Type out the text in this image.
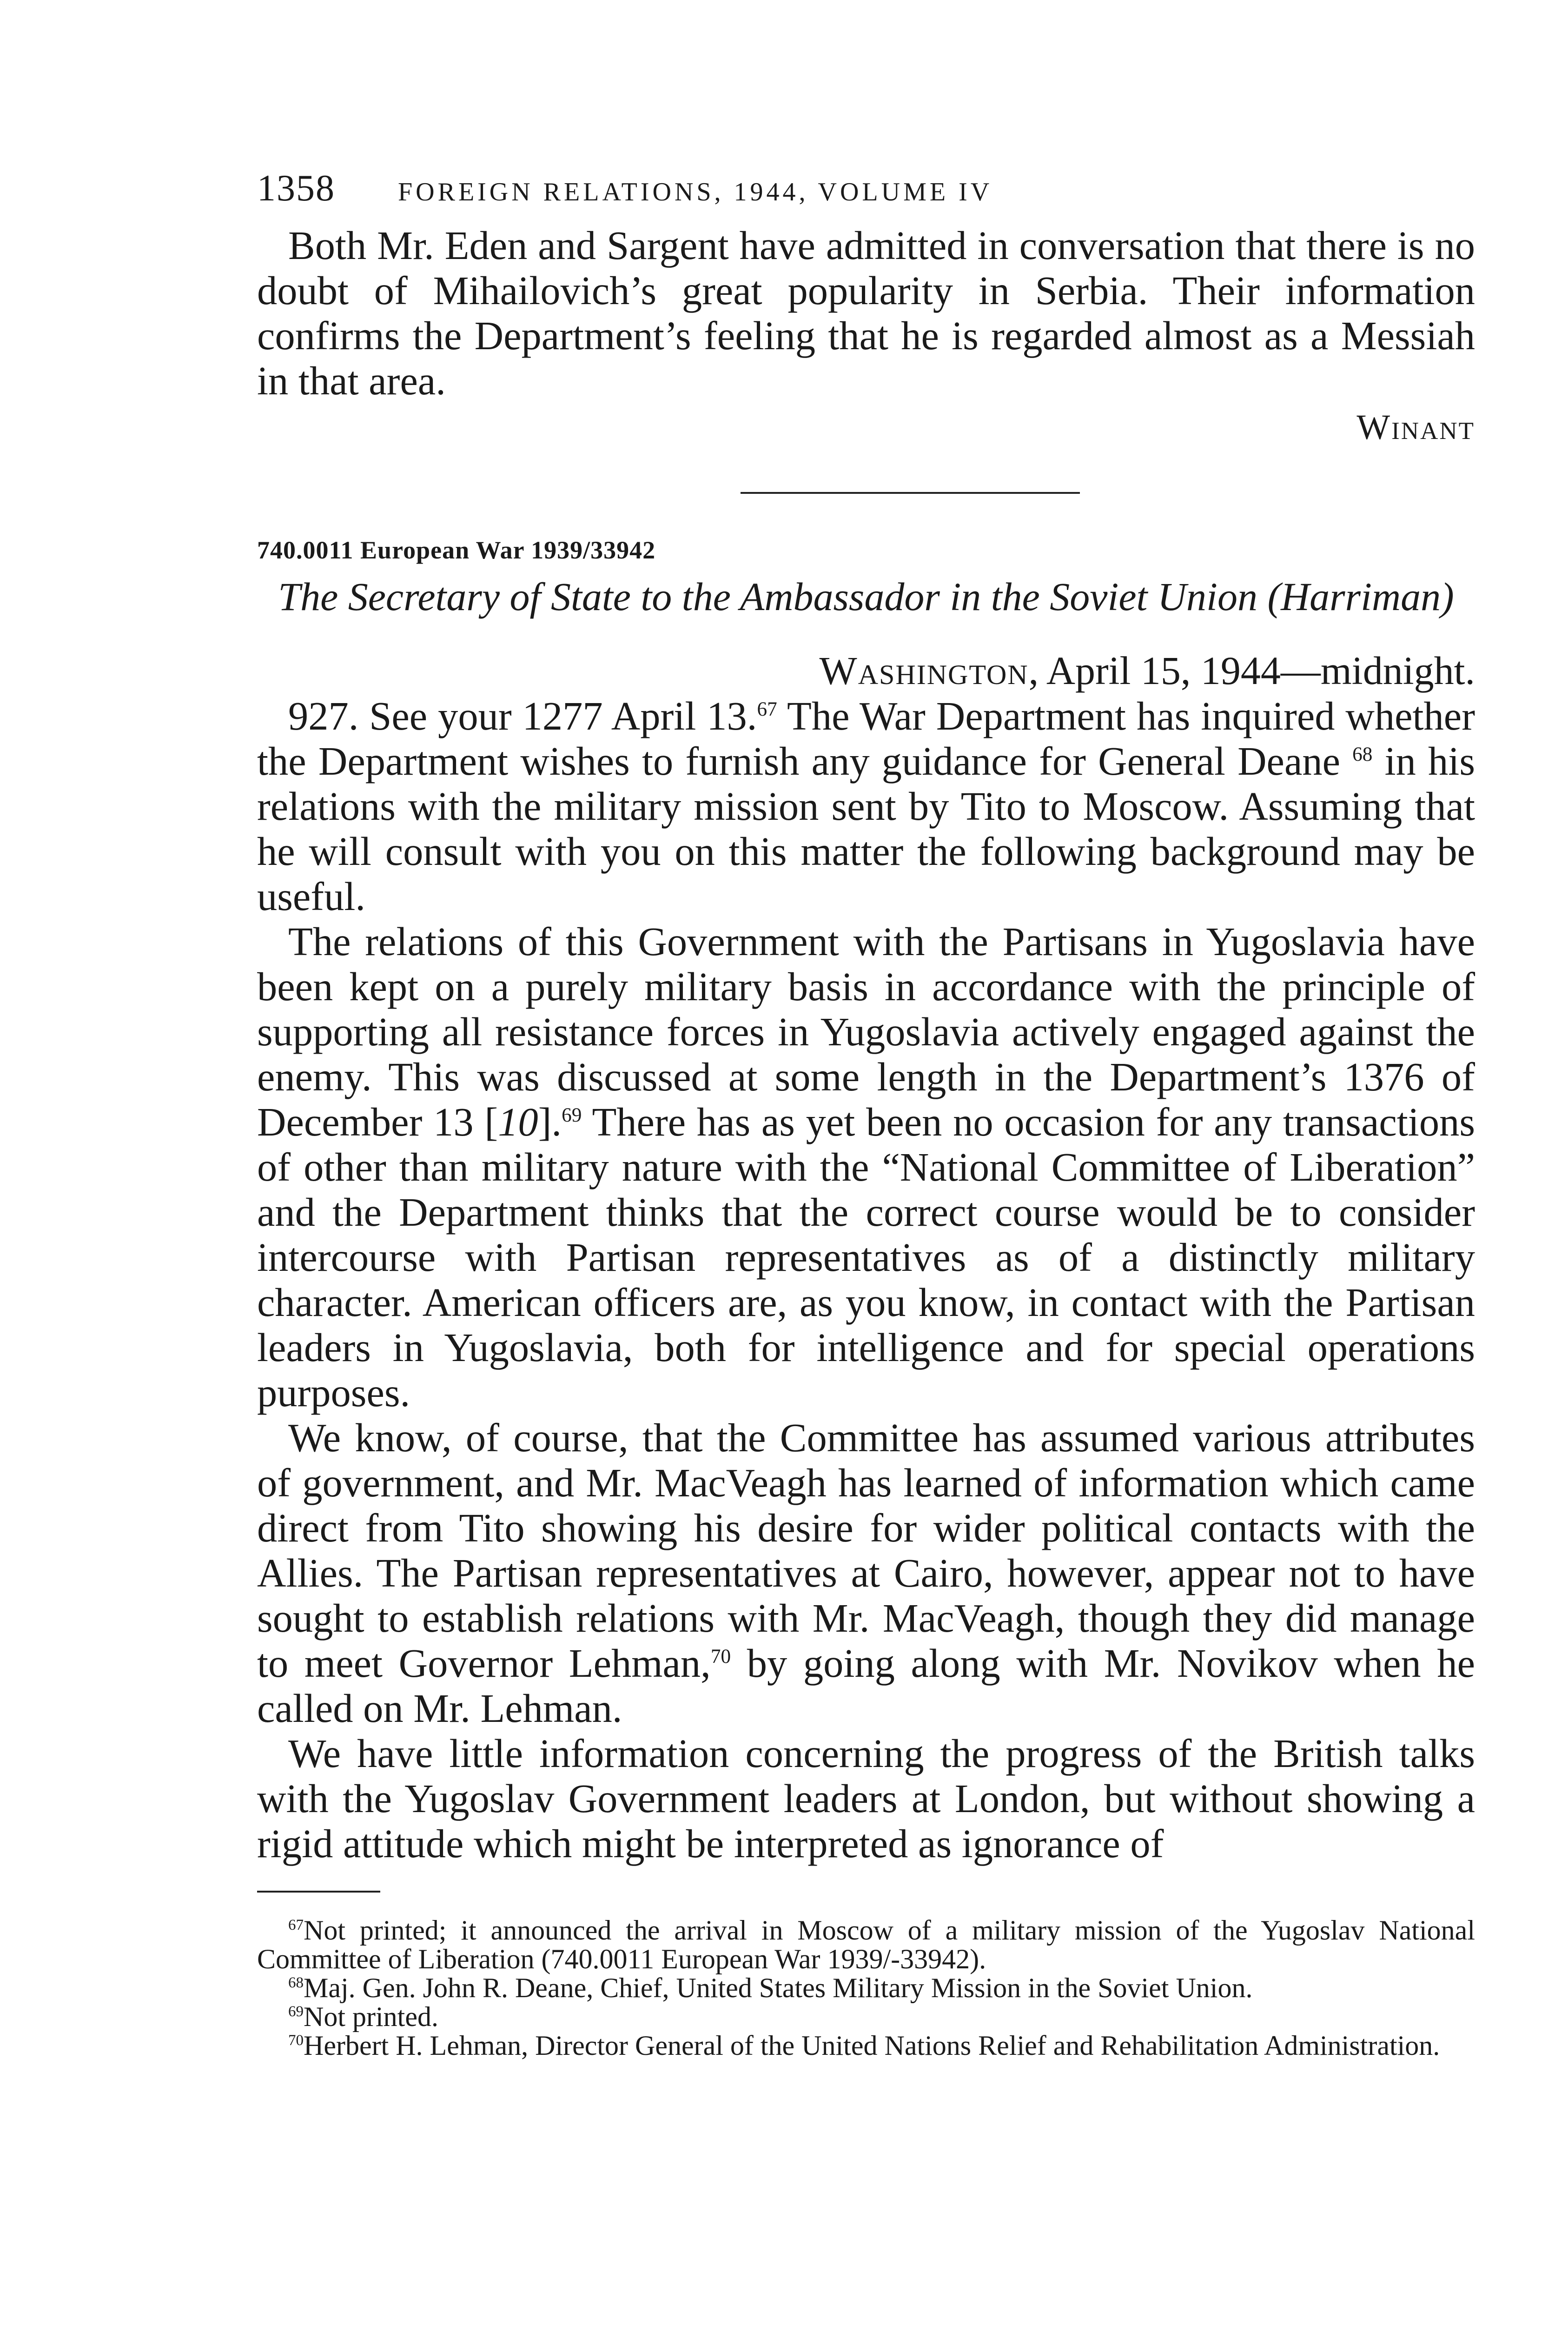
1358 FOREIGN RELATIONS, 1944, VOLUME IV

Both Mr. Eden and Sargent have admitted in conversation that there is no doubt of Mihailovich’s great popularity in Serbia. Their information confirms the Department’s feeling that he is regarded almost as a Messiah in that area.

Winant
740.0011 European War 1939/33942
The Secretary of State to the Ambassador in the Soviet Union (Harriman)
Washington, April 15, 1944—midnight.

927. See your 1277 April 13.67 The War Department has inquired whether the Department wishes to furnish any guidance for General Deane $^{68}$ in his relations with the military mission sent by Tito to Moscow. Assuming that he will consult with you on this matter the following background may be useful.

The relations of this Government with the Partisans in Yugoslavia have been kept on a purely military basis in accordance with the principle of supporting all resistance forces in Yugoslavia actively engaged against the enemy. This was discussed at some length in the Department’s 1376 of December 13 [10].$^{69}$ There has as yet been no occasion for any transactions of other than military nature with the “National Committee of Liberation” and the Department thinks that the correct course would be to consider intercourse with Partisan representatives as of a distinctly military character. American officers are, as you know, in contact with the Partisan leaders in Yugoslavia, both for intelligence and for special operations purposes.

We know, of course, that the Committee has assumed various attributes of government, and Mr. MacVeagh has learned of information which came direct from Tito showing his desire for wider political contacts with the Allies. The Partisan representatives at Cairo, however, appear not to have sought to establish relations with Mr. MacVeagh, though they did manage to meet Governor Lehman,$^{70}$ by going along with Mr. Novikov when he called on Mr. Lehman.

We have little information concerning the progress of the British talks with the Yugoslav Government leaders at London, but without showing a rigid attitude which might be interpreted as ignorance of

$^{67}$Not printed; it announced the arrival in Moscow of a military mission of the Yugoslav National Committee of Liberation (740.0011 European War 1939/-33942).

$^{68}$Maj. Gen. John R. Deane, Chief, United States Military Mission in the Soviet Union.

$^{69}$Not printed.

$^{70}$Herbert H. Lehman, Director General of the United Nations Relief and Rehabilitation Administration.
